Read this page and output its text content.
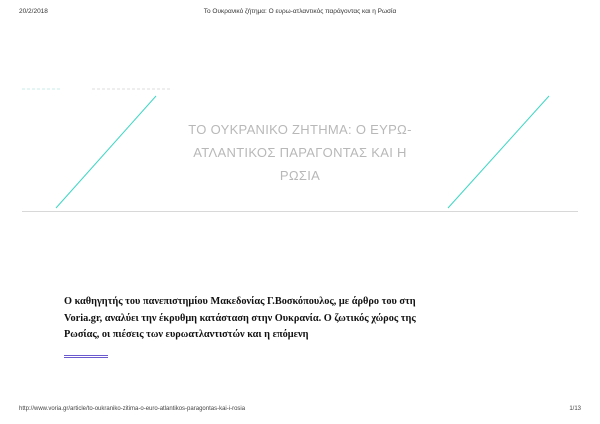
20/2/2018	Το Ουκρανικό ζήτημα: Ο ευρω-ατλαντικός παράγοντας και η Ρωσία
ΤΟ ΟΥΚΡΑΝΙΚΟ ΖΗΤΗΜΑ: Ο ΕΥΡΩ-
ΑΤΛΑΝΤΙΚΟΣ ΠΑΡΑΓΟΝΤΑΣ ΚΑΙ Η
ΡΩΣΙΑ

Ο καθηγητής του πανεπιστημίου Μακεδονίας Γ.Βοσκόπουλος, με άρθρο του στη
Voria.gr, αναλύει την έκρυθμη κατάσταση στην Ουκρανία. Ο ζωτικός χώρος της
Ρωσίας, οι πιέσεις των ευρωατλαντιστών και η επόμενη

http://www.voria.gr/article/to-oukraniko-zitima-o-euro-atlantikos-paragontas-kai-i-rosia	1/13
